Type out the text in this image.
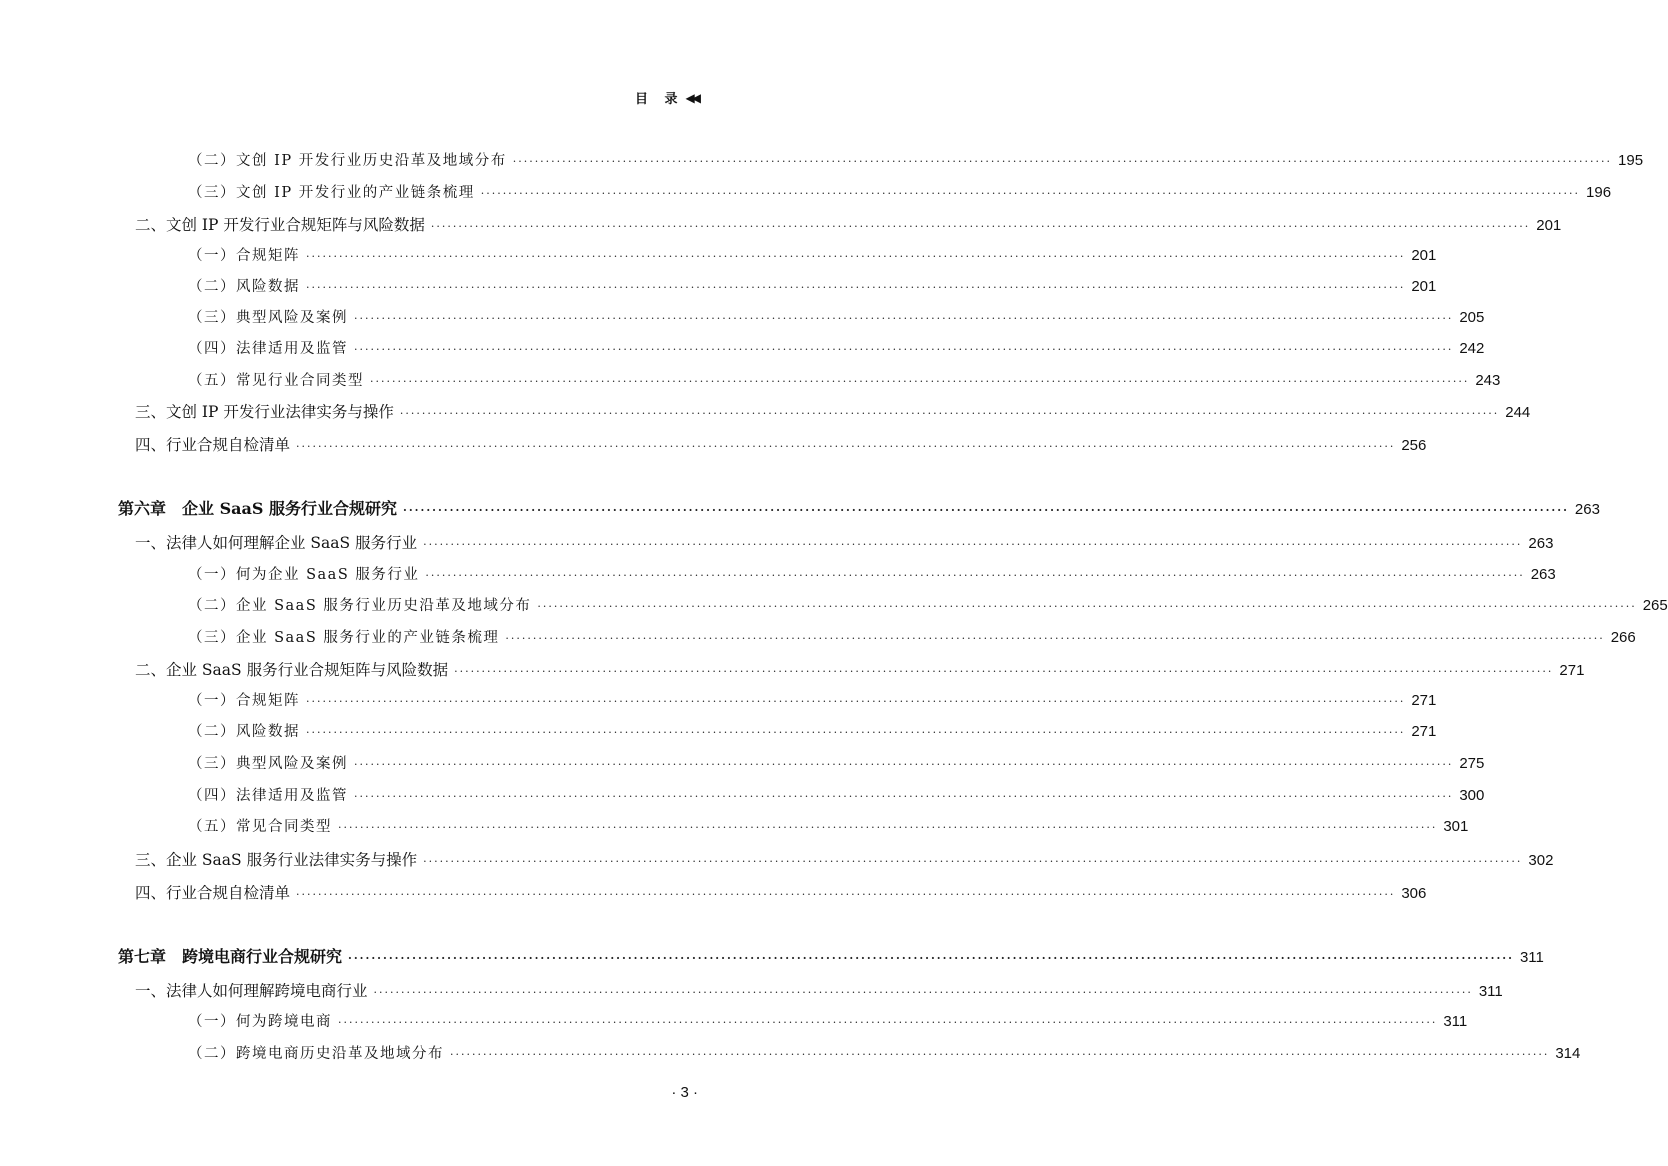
目 录 ◀◀
（二）文创 IP 开发行业历史沿革及地域分布 ········································································································································································································ 195
（三）文创 IP 开发行业的产业链条梳理 ········································································································································································································ 196
二、文创 IP 开发行业合规矩阵与风险数据 ········································································································································································································ 201
（一）合规矩阵 ········································································································································································································ 201
（二）风险数据 ········································································································································································································ 201
（三）典型风险及案例 ········································································································································································································ 205
（四）法律适用及监管 ········································································································································································································ 242
（五）常见行业合同类型 ········································································································································································································ 243
三、文创 IP 开发行业法律实务与操作 ········································································································································································································ 244
四、行业合规自检清单 ········································································································································································································ 256
第六章　企业 SaaS 服务行业合规研究 ········································································································································································································ 263
一、法律人如何理解企业 SaaS 服务行业 ········································································································································································································ 263
（一）何为企业 SaaS 服务行业 ········································································································································································································ 263
（二）企业 SaaS 服务行业历史沿革及地域分布 ········································································································································································································ 265
（三）企业 SaaS 服务行业的产业链条梳理 ········································································································································································································ 266
二、企业 SaaS 服务行业合规矩阵与风险数据 ········································································································································································································ 271
（一）合规矩阵 ········································································································································································································ 271
（二）风险数据 ········································································································································································································ 271
（三）典型风险及案例 ········································································································································································································ 275
（四）法律适用及监管 ········································································································································································································ 300
（五）常见合同类型 ········································································································································································································ 301
三、企业 SaaS 服务行业法律实务与操作 ········································································································································································································ 302
四、行业合规自检清单 ········································································································································································································ 306
第七章　跨境电商行业合规研究 ········································································································································································································ 311
一、法律人如何理解跨境电商行业 ········································································································································································································ 311
（一）何为跨境电商 ········································································································································································································ 311
（二）跨境电商历史沿革及地域分布 ········································································································································································································ 314
· 3 ·
